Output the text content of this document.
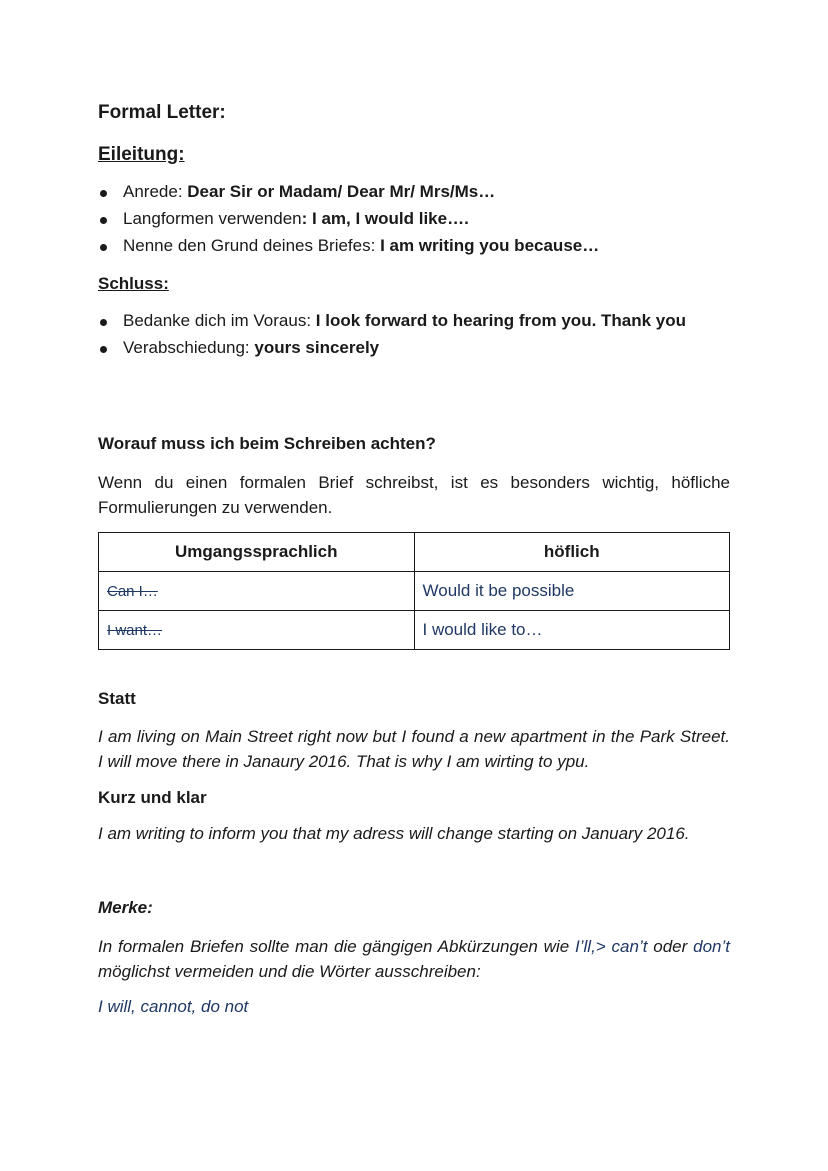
Formal Letter:
Eileitung:
Anrede: Dear Sir or Madam/ Dear Mr/ Mrs/Ms…
Langformen verwenden: I am, I would like….
Nenne den Grund deines Briefes: I am writing you because…
Schluss:
Bedanke dich im Voraus: I look forward to hearing from you. Thank you
Verabschiedung: yours sincerely
Worauf muss ich beim Schreiben achten?
Wenn du einen formalen Brief schreibst, ist es besonders wichtig, höfliche Formulierungen zu verwenden.
Umgangssprachlich	höflich
Can I…	Would it be possible
I want…	I would like to…
Statt
I am living on Main Street right now but I found a new apartment in the Park Street. I will move there in Janaury 2016. That is why I am wirting to ypu.
Kurz und klar
I am writing to inform you that my adress will change starting on January 2016.
Merke:
In formalen Briefen sollte man die gängigen Abkürzungen wie I’ll,> can’t oder don’t möglichst vermeiden und die Wörter ausschreiben:
I will, cannot, do not
